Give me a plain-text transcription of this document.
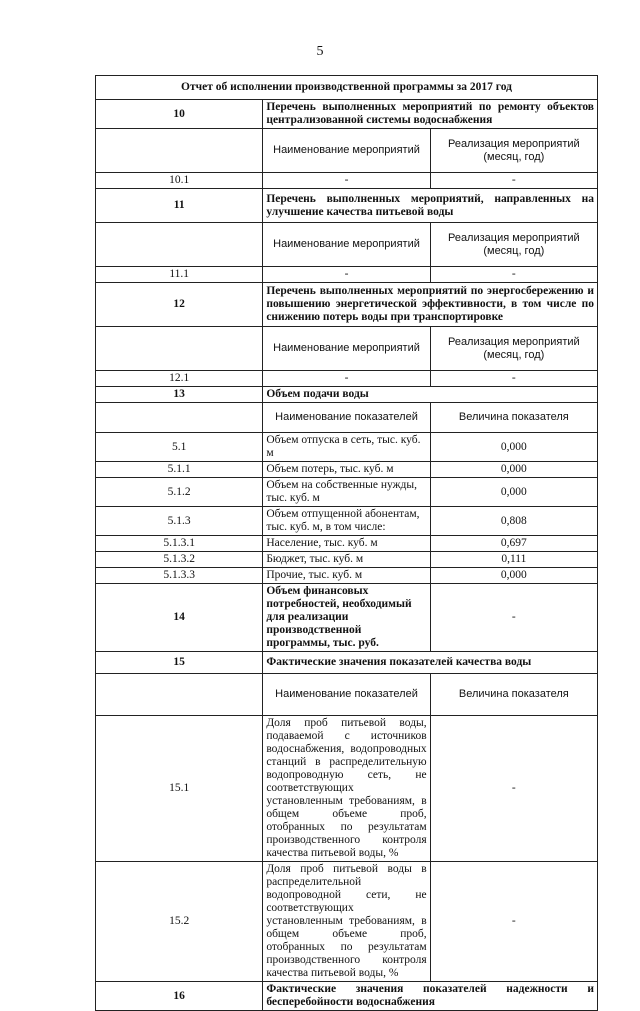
5
Отчет об исполнении производственной программы за 2017 год		
10	Перечень выполненных мероприятий по ремонту объектов централизованной системы водоснабжения	
	Наименование мероприятий	Реализация мероприятий (месяц, год)
10.1	-	-
11	Перечень выполненных мероприятий, направленных на улучшение качества питьевой воды	
	Наименование мероприятий	Реализация мероприятий (месяц, год)
11.1	-	-
12	Перечень выполненных мероприятий по энергосбережению и повышению энергетической эффективности, в том числе по снижению потерь воды при транспортировке	
	Наименование мероприятий	Реализация мероприятий (месяц, год)
12.1	-	-
13	Объем подачи воды	
	Наименование показателей	Величина показателя
5.1	Объем отпуска в сеть, тыс. куб. м	0,000
5.1.1	Объем потерь, тыс. куб. м	0,000
5.1.2	Объем на собственные нужды, тыс. куб. м	0,000
5.1.3	Объем отпущенной абонентам, тыс. куб. м, в том числе:	0,808
5.1.3.1	Население, тыс. куб. м	0,697
5.1.3.2	Бюджет, тыс. куб. м	0,111
5.1.3.3	Прочие, тыс. куб. м	0,000
14	Объем финансовых потребностей, необходимый для реализации производственной программы, тыс. руб.	-
15	Фактические значения показателей качества воды	
	Наименование показателей	Величина показателя
15.1	Доля проб питьевой воды, подаваемой с источников водоснабжения, водопроводных станций в распределительную водопроводную сеть, не соответствующих установленным требованиям, в общем объеме проб, отобранных по результатам производственного контроля качества питьевой воды, %	-
15.2	Доля проб питьевой воды в распределительной водопроводной сети, не соответствующих установленным требованиям, в общем объеме проб, отобранных по результатам производственного контроля качества питьевой воды, %	-
16	Фактические значения показателей надежности и бесперебойности водоснабжения	
